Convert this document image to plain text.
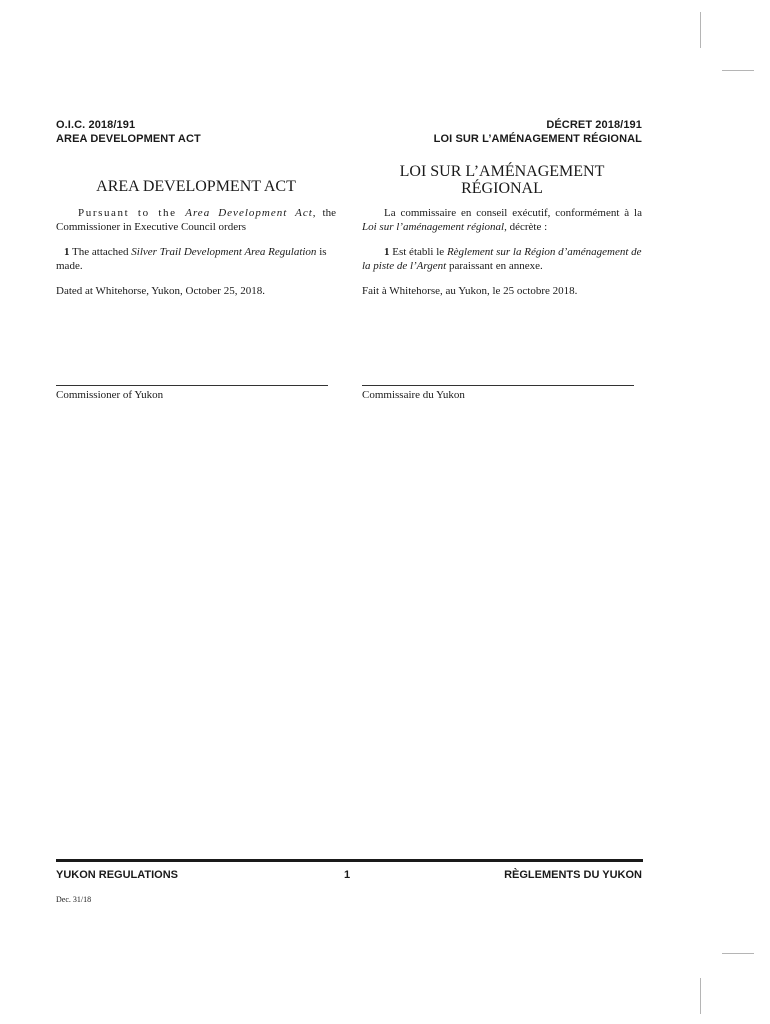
O.I.C. 2018/191
AREA DEVELOPMENT ACT
DÉCRET 2018/191
LOI SUR L’AMÉNAGEMENT RÉGIONAL
AREA DEVELOPMENT ACT
Pursuant to the Area Development Act, the Commissioner in Executive Council orders
1 The attached Silver Trail Development Area Regulation is made.
Dated at Whitehorse, Yukon, October 25, 2018.
Commissioner of Yukon
LOI SUR L’AMÉNAGEMENT
RÉGIONAL
La commissaire en conseil exécutif, conformément à la Loi sur l’aménagement régional, décrète :
1 Est établi le Règlement sur la Région d’aménagement de la piste de l’Argent paraissant en annexe.
Fait à Whitehorse, au Yukon, le 25 octobre 2018.
Commissaire du Yukon
YUKON REGULATIONS	1	RÈGLEMENTS DU YUKON
Dec. 31/18
